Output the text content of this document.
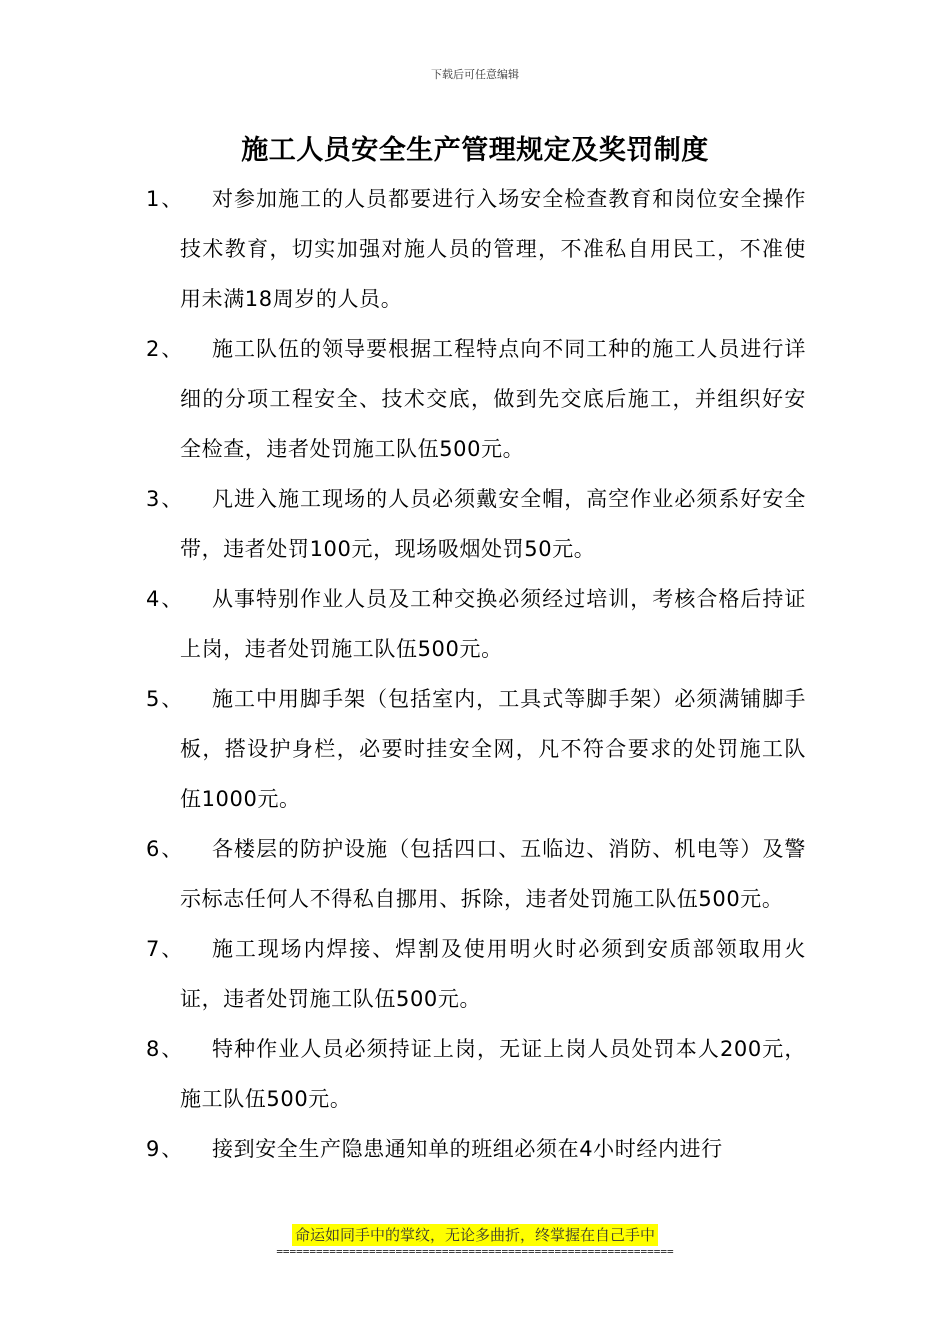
下载后可任意编辑
施工人员安全生产管理规定及奖罚制度
1、	对参加施工的人员都要进行入场安全检查教育和岗位安全操作技术教育，切实加强对施人员的管理，不准私自用民工，不准使用未满18周岁的人员。
2、	施工队伍的领导要根据工程特点向不同工种的施工人员进行详细的分项工程安全、技术交底，做到先交底后施工，并组织好安全检查，违者处罚施工队伍500元。
3、	凡进入施工现场的人员必须戴安全帽，高空作业必须系好安全带，违者处罚100元，现场吸烟处罚50元。
4、	从事特别作业人员及工种交换必须经过培训，考核合格后持证上岗，违者处罚施工队伍500元。
5、	施工中用脚手架（包括室内，工具式等脚手架）必须满铺脚手板，搭设护身栏，必要时挂安全网，凡不符合要求的处罚施工队伍1000元。
6、	各楼层的防护设施（包括四口、五临边、消防、机电等）及警示标志任何人不得私自挪用、拆除，违者处罚施工队伍500元。
7、	施工现场内焊接、焊割及使用明火时必须到安质部领取用火证，违者处罚施工队伍500元。
8、	特种作业人员必须持证上岗，无证上岗人员处罚本人200元，施工队伍500元。
9、	接到安全生产隐患通知单的班组必须在4小时经内进行
命运如同手中的掌纹，无论多曲折，终掌握在自己手中
============================================================
